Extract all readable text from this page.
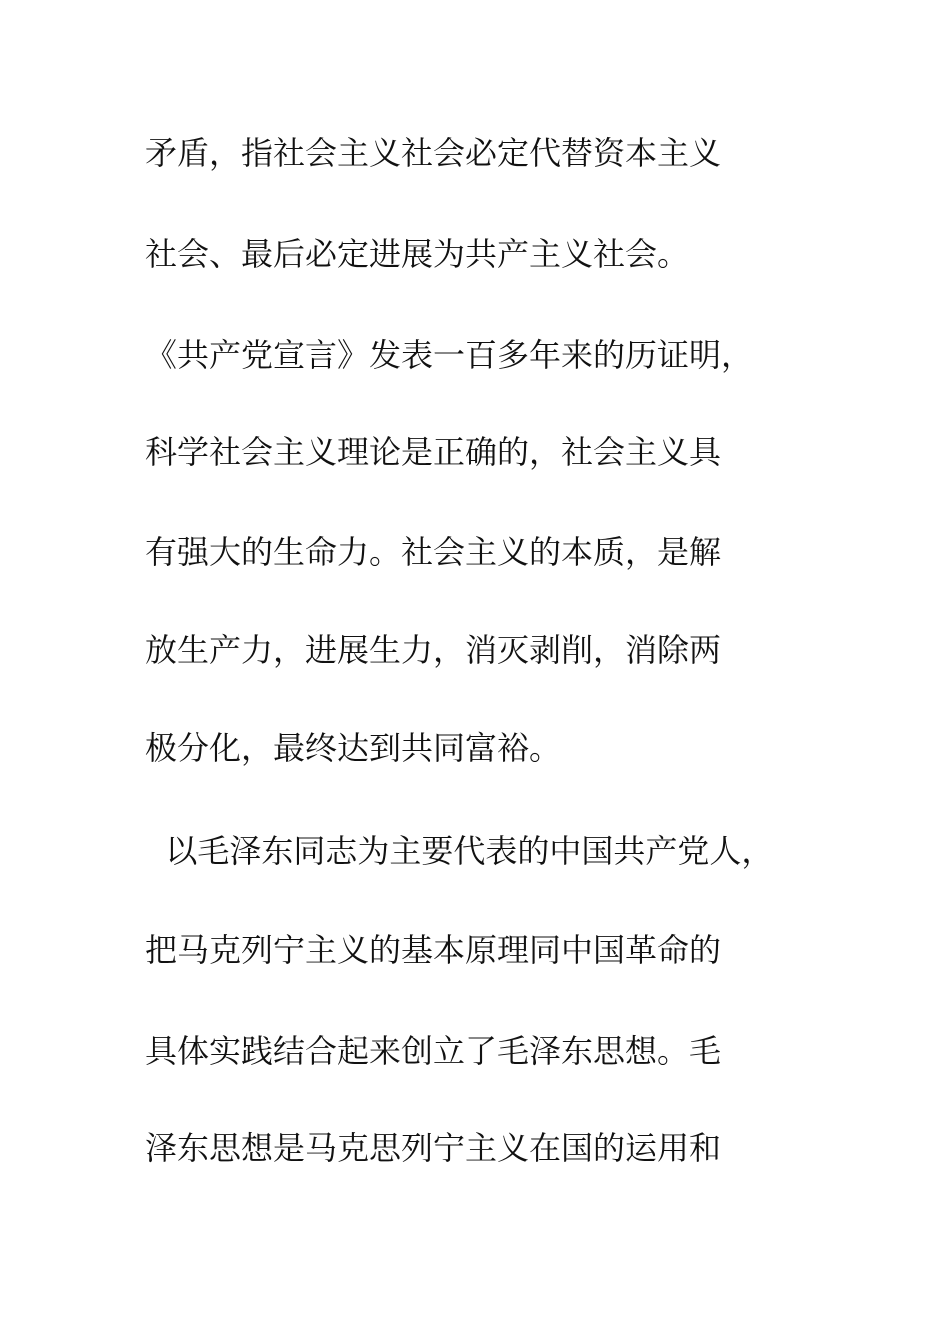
矛盾，指社会主义社会必定代替资本主义
社会、最后必定进展为共产主义社会。
《共产党宣言》发表一百多年来的历证明，
科学社会主义理论是正确的，社会主义具
有强大的生命力。社会主义的本质，是解
放生产力，进展生力，消灭剥削，消除两
极分化，最终达到共同富裕。
以毛泽东同志为主要代表的中国共产党人，
把马克列宁主义的基本原理同中国革命的
具体实践结合起来创立了毛泽东思想。毛
泽东思想是马克思列宁主义在国的运用和
